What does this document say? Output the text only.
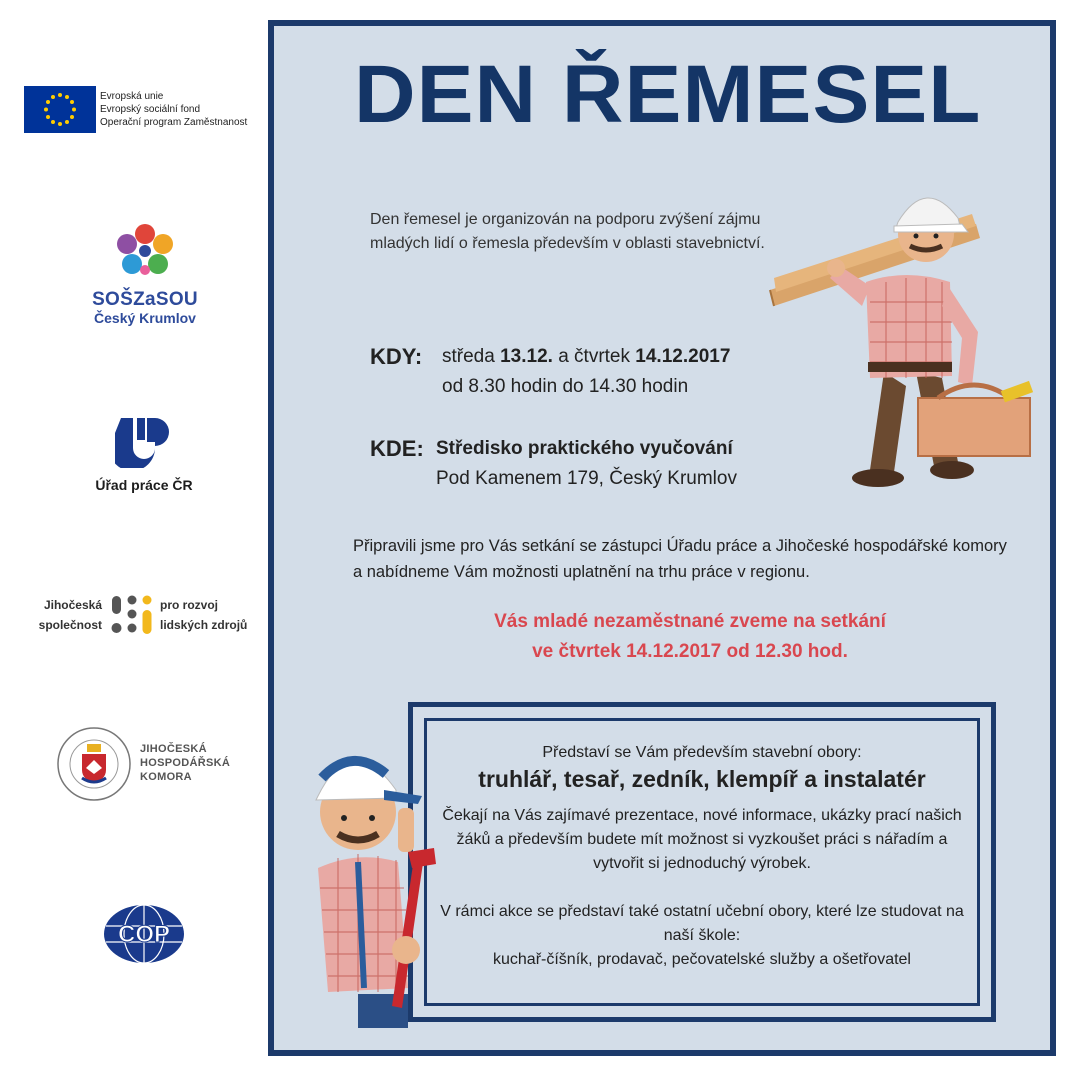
Evropská unie
Evropský sociální fond
Operační program Zaměstnanost
SOŠZaSOU
Český Krumlov
Úřad práce ČR
Jihočeská
společnost
pro rozvoj
lidských zdrojů
JIHOČESKÁ
HOSPODÁŘSKÁ
KOMORA
COP
DEN ŘEMESEL
Den řemesel je organizován na podporu zvýšení zájmu mladých lidí o řemesla především v oblasti stavebnictví.
KDY: středa 13.12. a čtvrtek 14.12.2017
od 8.30 hodin do 14.30 hodin
KDE: Středisko praktického vyučování
Pod Kamenem 179, Český Krumlov
Připravili jsme pro Vás setkání se zástupci Úřadu práce a Jihočeské hospodářské komory a nabídneme Vám možnosti uplatnění na trhu práce v regionu.
Vás mladé nezaměstnané zveme na setkání
ve čtvrtek 14.12.2017 od 12.30 hod.
Představí se Vám především stavební obory:
truhlář, tesař, zedník, klempíř a instalatér
Čekají na Vás zajímavé prezentace, nové informace, ukázky prací našich žáků a především budete mít možnost si vyzkoušet práci s nářadím a vytvořit si jednoduchý výrobek.
V rámci akce se představí také ostatní učební obory, které lze studovat na naší škole:
kuchař-číšník, prodavač, pečovatelské služby a ošetřovatel
